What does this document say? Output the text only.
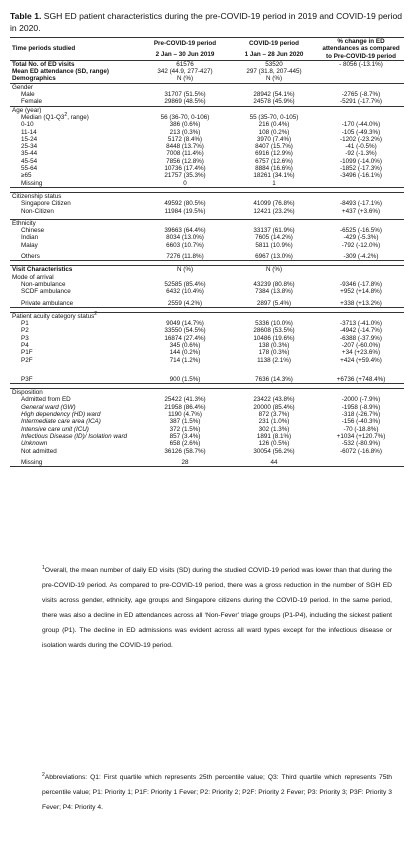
Table 1. SGH ED patient characteristics during the pre-COVID-19 period in 2019 and COVID-19 period in 2020.
Time periods studied	Pre-COVID-19 period	COVID-19 period	% change in ED attendances as compared to Pre-COVID-19 period
	2 Jan – 30 Jun 2019	1 Jan – 28 Jun 2020	
Total No. of ED visits	61576	53520	- 8056 (-13.1%)
Mean ED attendance (SD, range)	342 (44.9, 277-427)	297 (31.8, 207-445)	
Demographics	N (%)	N (%)	
Gender			
Male	31707 (51.5%)	28942 (54.1%)	-2765 (-8.7%)
Female	29869 (48.5%)	24578 (45.9%)	-5291 (-17.7%)
Age (year)			
Median ($Q1-Q3^2$, range)	56 (36-70, 0-106)	55 (35-70, 0-105)	
0-10	386 (0.6%)	216 (0.4%)	-170 (-44.0%)
11-14	213 (0.3%)	108 (0.2%)	-105 (-49.3%)
15-24	5172 (8.4%)	3970 (7.4%)	-1202 (-23.2%)
25-34	8448 (13.7%)	8407 (15.7%)	-41 (-0.5%)
35-44	7008 (11.4%)	6916 (12.9%)	-92 (-1.3%)
45-54	7856 (12.8%)	6757 (12.6%)	-1099 (-14.0%)
55-64	10736 (17.4%)	8884 (16.6%)	-1852 (-17.3%)
≥65	21757 (35.3%)	18261 (34.1%)	-3496 (-16.1%)
Missing	0	1	

Citizenship status			
Singapore Citizen	49592 (80.5%)	41099 (76.8%)	-8493 (-17.1%)
Non-Citizen	11984 (19.5%)	12421 (23.2%)	+437 (+3.6%)

Ethnicity			
Chinese	39663 (64.4%)	33137 (61.9%)	-6525 (-16.5%)
Indian	8034 (13.0%)	7605 (14.2%)	-429 (-5.3%)
Malay	6603 (10.7%)	5811 (10.9%)	-792 (-12.0%)

Others	7276 (11.8%)	6967 (13.0%)	-309 (-4.2%)

Visit Characteristics	N (%)	N (%)	
Mode of arrival			
Non-ambulance	52585 (85.4%)	43239 (80.8%)	-9346 (-17.8%)
SCDF ambulance	6432 (10.4%)	7384 (13.8%)	+952 (+14.8%)

Private ambulance	2559 (4.2%)	2897 (5.4%)	+338 (+13.2%)

Patient acuity category status$^2$			
P1	9049 (14.7%)	5336 (10.0%)	-3713 (-41.0%)
P2	33550 (54.5%)	28608 (53.5%)	-4942 (-14.7%)
P3	16874 (27.4%)	10486 (19.6%)	-6388 (-37.9%)
P4	345 (0.6%)	138 (0.3%)	-207 (-60.0%)
P1F	144 (0.2%)	178 (0.3%)	+34 (+23.6%)
P2F	714 (1.2%)	1138 (2.1%)	+424 (+59.4%)

P3F	900 (1.5%)	7636 (14.3%)	+6736 (+748.4%)

Disposition			
Admitted from ED	25422 (41.3%)	23422 (43.8%)	-2000 (-7.9%)
General ward (GW)	21958 (86.4%)	20000 (85.4%)	-1958 (-8.9%)
High dependency (HD) ward	1190 (4.7%)	872 (3.7%)	-318 (-26.7%)
Intermediate care area (ICA)	387 (1.5%)	231 (1.0%)	-156 (-40.3%)
Intensive care unit (ICU)	372 (1.5%)	302 (1.3%)	-70 (-18.8%)
Infectious Disease (ID)/ Isolation ward	857 (3.4%)	1891 (8.1%)	+1034 (+120.7%)
Unknown	658 (2.6%)	126 (0.5%)	-532 (-80.9%)
Not admitted	36126 (58.7%)	30054 (56.2%)	-6072 (-16.8%)

Missing	28	44	
$^1$Overall, the mean number of daily ED visits (SD) during the studied COVID-19 period was lower than that during the pre-COVID-19 period. As compared to pre-COVID-19 period, there was a gross reduction in the number of SGH ED visits across gender, ethnicity, age groups and Singapore citizens during the COVID-19 period. In the same period, there was also a decline in ED attendances across all ‘Non-Fever’ triage groups (P1-P4), including the sickest patient group (P1). The decline in ED admissions was evident across all ward types except for the infectious disease or isolation wards during the COVID-19 period.
$^2$Abbreviations: Q1: First quartile which represents 25th percentile value; Q3: Third quartile which represents 75th percentile value; P1: Priority 1; P1F: Priority 1 Fever; P2: Priority 2; P2F: Priority 2 Fever; P3: Priority 3; P3F: Priority 3 Fever; P4: Priority 4.
